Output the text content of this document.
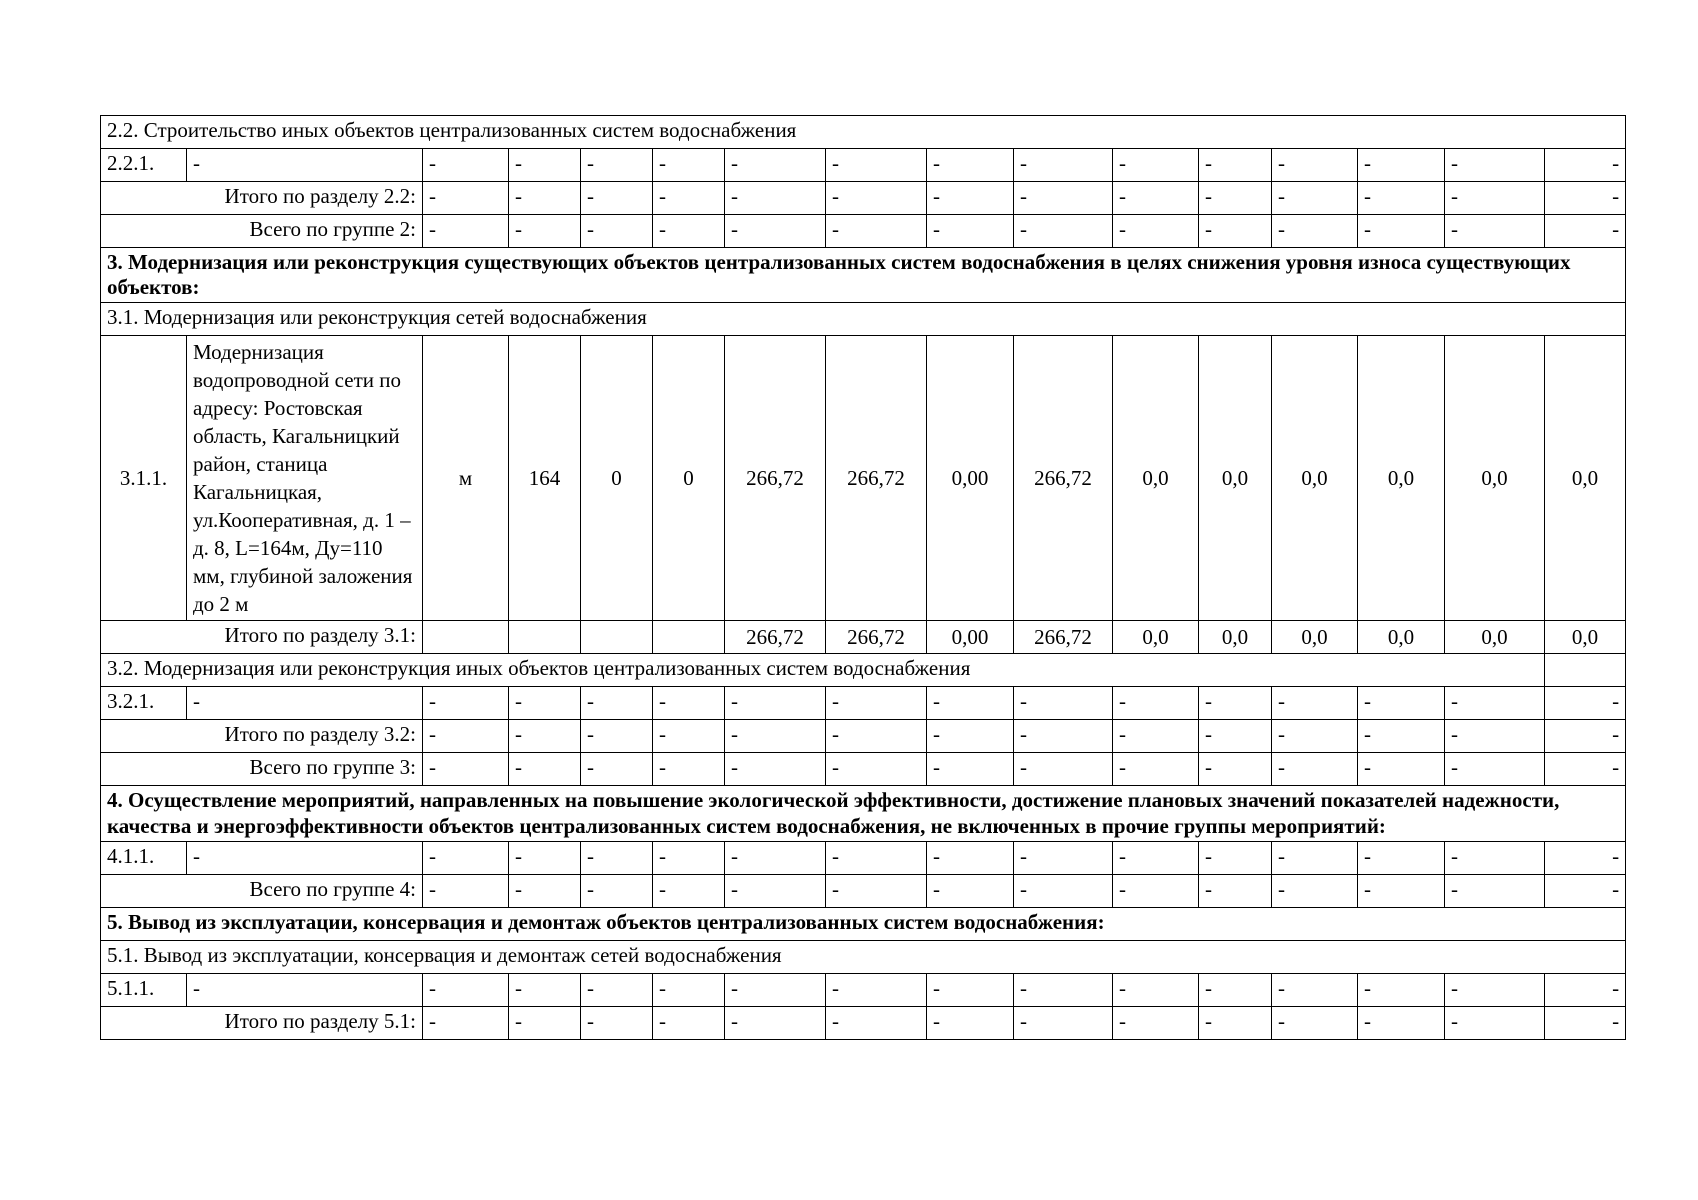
2.2. Строительство иных объектов централизованных систем водоснабжения															
2.2.1.	-	-	-	-	-	-	-	-	-	-	-	-	-	-	-
Итого по разделу 2.2:		-	-	-	-	-	-	-	-	-	-	-	-	-	-
Всего по группе 2:		-	-	-	-	-	-	-	-	-	-	-	-	-	-
3. Модернизация или реконструкция существующих объектов централизованных систем водоснабжения в целях снижения уровня износа существующих объектов:															
3.1. Модернизация или реконструкция сетей водоснабжения															
3.1.1.	Модернизация водопроводной сети по адресу: Ростовская область, Кагальницкий район, станица Кагальницкая, ул.Кооперативная, д. 1 – д. 8, L=164м, Ду=110 мм, глубиной заложения до 2 м	м	164	0	0	266,72	266,72	0,00	266,72	0,0	0,0	0,0	0,0	0,0	0,0
Итого по разделу 3.1:						266,72	266,72	0,00	266,72	0,0	0,0	0,0	0,0	0,0	0,0
3.2. Модернизация или реконструкция иных объектов централизованных систем водоснабжения															
3.2.1.	-	-	-	-	-	-	-	-	-	-	-	-	-	-	-
Итого по разделу 3.2:		-	-	-	-	-	-	-	-	-	-	-	-	-	-
Всего по группе 3:		-	-	-	-	-	-	-	-	-	-	-	-	-	-
4. Осуществление мероприятий, направленных на повышение экологической эффективности, достижение плановых значений показателей надежности, качества и энергоэффективности объектов централизованных систем водоснабжения, не включенных в прочие группы мероприятий:															
4.1.1.	-	-	-	-	-	-	-	-	-	-	-	-	-	-	-
Всего по группе 4:		-	-	-	-	-	-	-	-	-	-	-	-	-	-
5. Вывод из эксплуатации, консервация и демонтаж объектов централизованных систем водоснабжения:															
5.1. Вывод из эксплуатации, консервация и демонтаж сетей водоснабжения															
5.1.1.	-	-	-	-	-	-	-	-	-	-	-	-	-	-	-
Итого по разделу 5.1:		-	-	-	-	-	-	-	-	-	-	-	-	-	-
